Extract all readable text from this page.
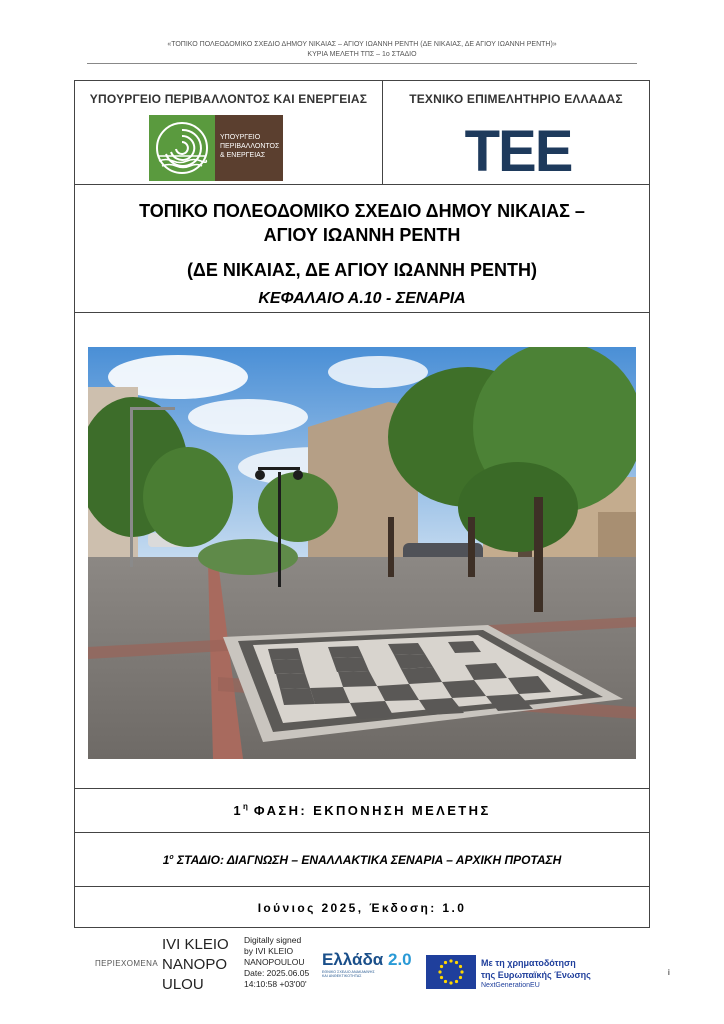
«ΤΟΠΙΚΟ ΠΟΛΕΟΔΟΜΙΚΟ ΣΧΕΔΙΟ ΔΗΜΟΥ ΝΙΚΑΙΑΣ – ΑΓΙΟΥ ΙΩΑΝΝΗ ΡΕΝΤΗ (ΔΕ ΝΙΚΑΙΑΣ, ΔΕ ΑΓΙΟΥ ΙΩΑΝΝΗ ΡΕΝΤΗ)»
ΚΥΡΙΑ ΜΕΛΕΤΗ ΤΠΣ – 1ο ΣΤΑΔΙΟ
ΥΠΟΥΡΓΕΙΟ ΠΕΡΙΒΑΛΛΟΝΤΟΣ ΚΑΙ ΕΝΕΡΓΕΙΑΣ
ΥΠΟΥΡΓΕΙΟ
ΠΕΡΙΒΑΛΛΟΝΤΟΣ
& ΕΝΕΡΓΕΙΑΣ
ΤΕΧΝΙΚΟ ΕΠΙΜΕΛΗΤΗΡΙΟ ΕΛΛΑΔΑΣ
TEE
ΤΟΠΙΚΟ ΠΟΛΕΟΔΟΜΙΚΟ ΣΧΕΔΙΟ ΔΗΜΟΥ ΝΙΚΑΙΑΣ – ΑΓΙΟΥ ΙΩΑΝΝΗ ΡΕΝΤΗ
(ΔΕ ΝΙΚΑΙΑΣ, ΔΕ ΑΓΙΟΥ ΙΩΑΝΝΗ ΡΕΝΤΗ)
ΚΕΦΑΛΑΙΟ Α.10 - ΣΕΝΑΡΙΑ
$1^\eta$ ΦΑΣΗ: ΕΚΠΟΝΗΣΗ ΜΕΛΕΤΗΣ
$1^o$ ΣΤΑΔΙΟ: ΔΙΑΓΝΩΣΗ – ΕΝΑΛΛΑΚΤΙΚΑ ΣΕΝΑΡΙΑ – ΑΡΧΙΚΗ ΠΡΟΤΑΣΗ
Ιούνιος 2025, Έκδοση: 1.0
ΠΕΡΙΕΧΟΜΕΝΑ
IVI KLEIO
NANOPO
ULOU
Digitally signed
by IVI KLEIO
NANOPOULOU
Date: 2025.06.05
14:10:58 +03'00'
Ελλάδα 2.0
ΕΘΝΙΚΟ ΣΧΕΔΙΟ ΑΝΑΚΑΜΨΗΣ
ΚΑΙ ΑΝΘΕΚΤΙΚΟΤΗΤΑΣ
Με τη χρηματοδότηση
της Ευρωπαϊκής Ένωσης
NextGenerationEU
i
